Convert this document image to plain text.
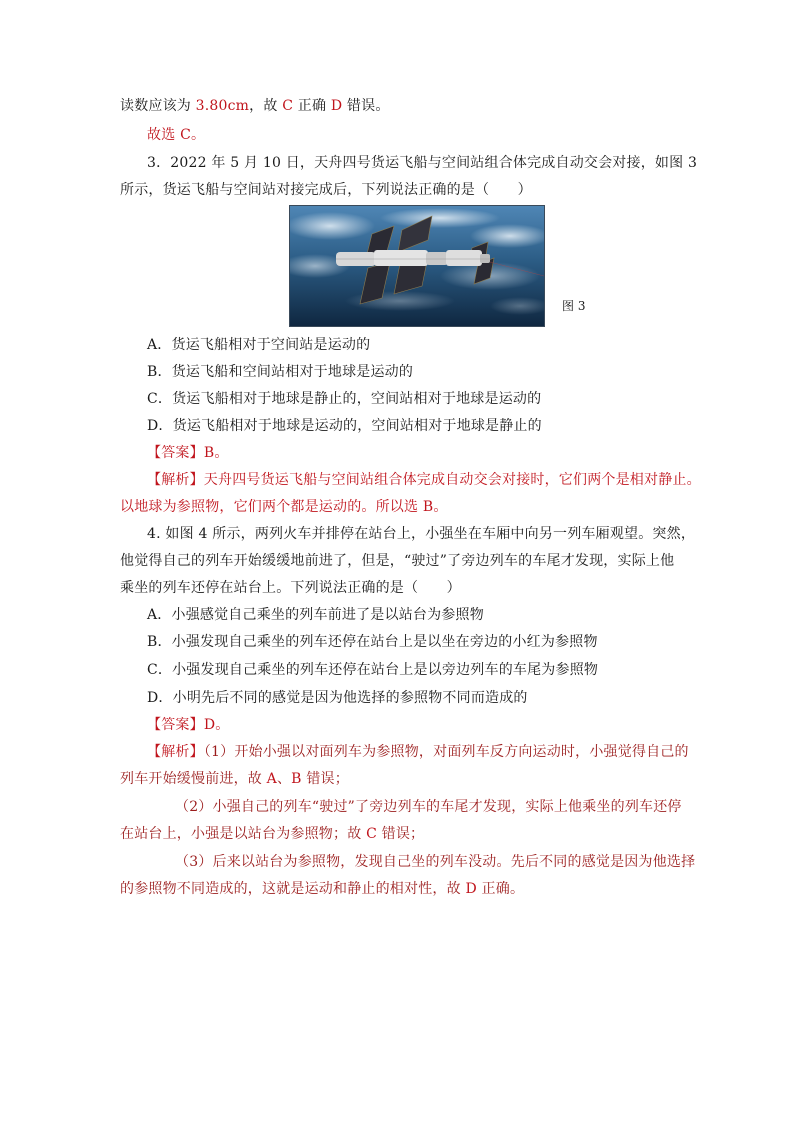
读数应该为 3.80cm，故 C 正确 D 错误。
故选 C。
3．2022 年 5 月 10 日，天舟四号货运飞船与空间站组合体完成自动交会对接，如图 3
所示，货运飞船与空间站对接完成后，下列说法正确的是（　　）
A．货运飞船相对于空间站是运动的
B．货运飞船和空间站相对于地球是运动的
C．货运飞船相对于地球是静止的，空间站相对于地球是运动的
D．货运飞船相对于地球是运动的，空间站相对于地球是静止的
【答案】B。
【解析】天舟四号货运飞船与空间站组合体完成自动交会对接时，它们两个是相对静止。
以地球为参照物，它们两个都是运动的。所以选 B。
4. 如图 4 所示，两列火车并排停在站台上，小强坐在车厢中向另一列车厢观望。突然，
他觉得自己的列车开始缓缓地前进了，但是，“驶过”了旁边列车的车尾才发现，实际上他
乘坐的列车还停在站台上。下列说法正确的是（　　）
A．小强感觉自己乘坐的列车前进了是以站台为参照物
B．小强发现自己乘坐的列车还停在站台上是以坐在旁边的小红为参照物
C．小强发现自己乘坐的列车还停在站台上是以旁边列车的车尾为参照物
D．小明先后不同的感觉是因为他选择的参照物不同而造成的
【答案】D。
【解析】（1）开始小强以对面列车为参照物，对面列车反方向运动时，小强觉得自己的
列车开始缓慢前进，故 A、B 错误；
（2）小强自己的列车“驶过”了旁边列车的车尾才发现，实际上他乘坐的列车还停
在站台上，小强是以站台为参照物；故 C 错误；
（3）后来以站台为参照物，发现自己坐的列车没动。先后不同的感觉是因为他选择
的参照物不同造成的，这就是运动和静止的相对性，故 D 正确。
图 3
